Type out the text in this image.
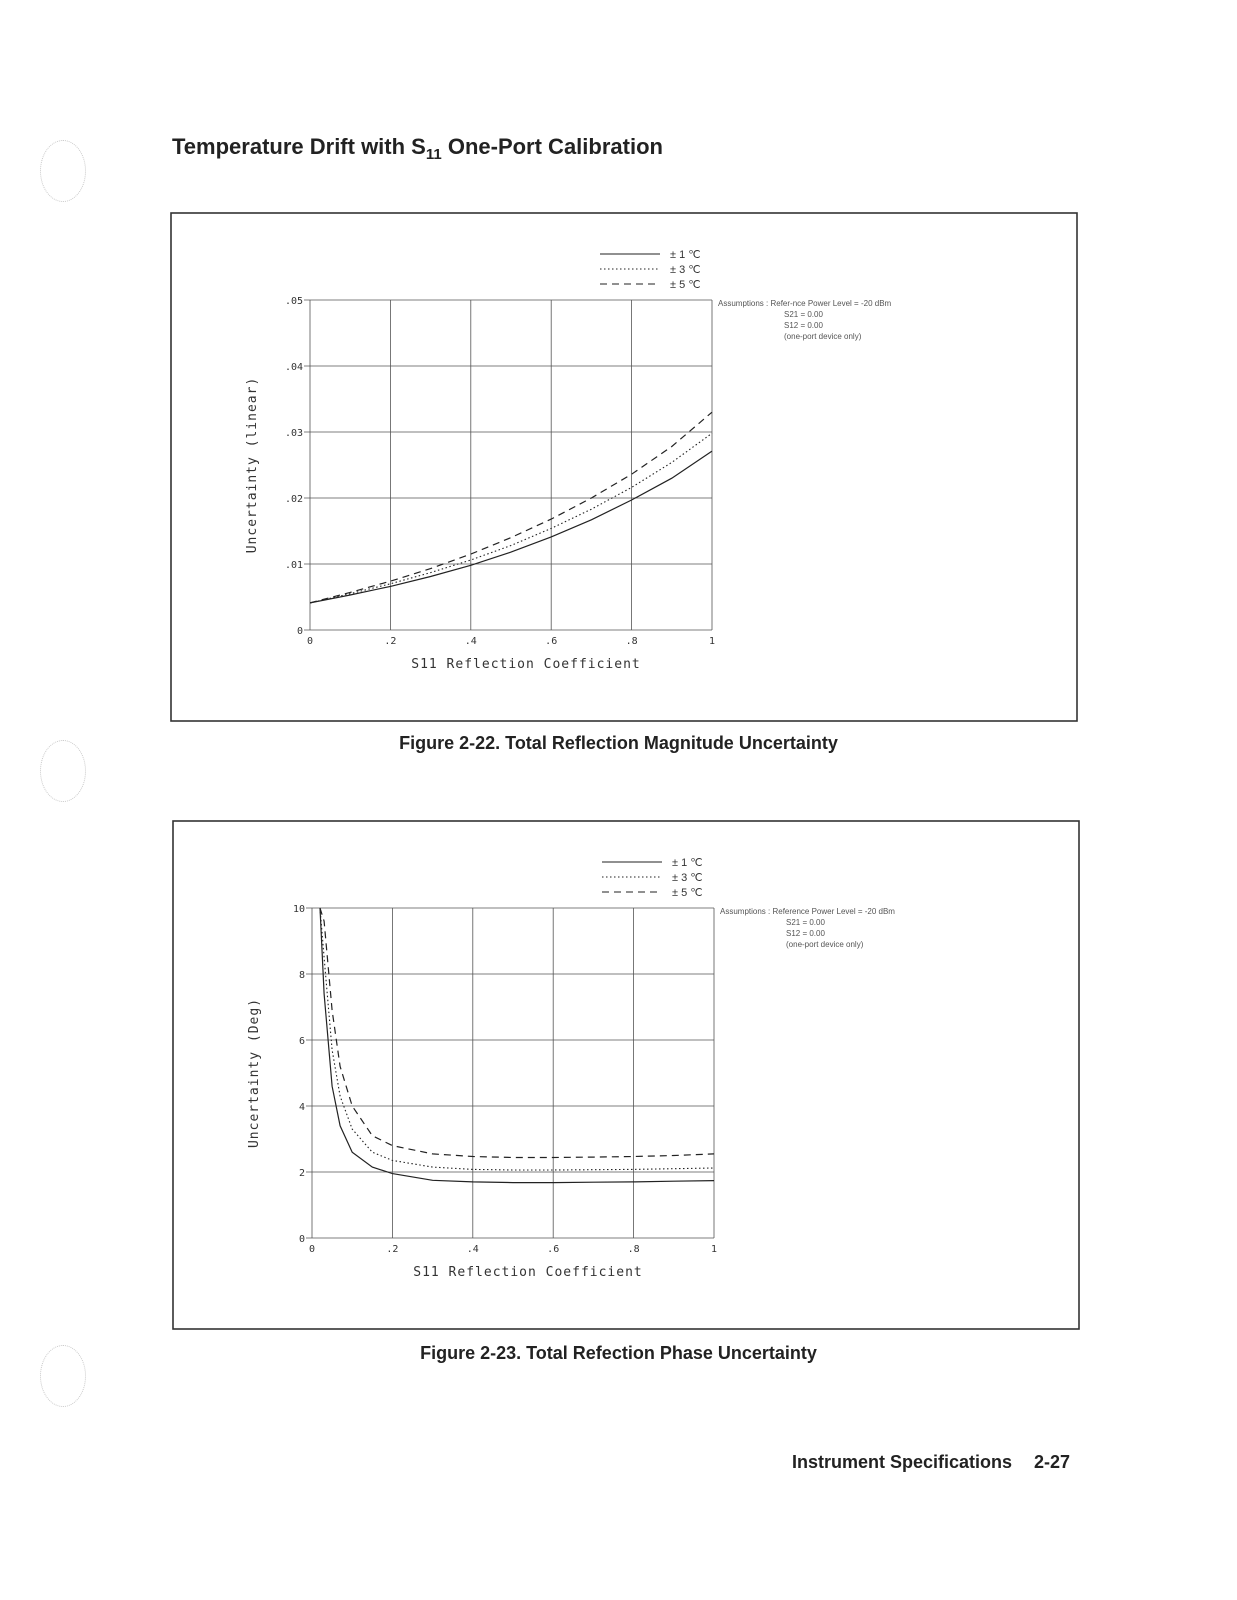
Temperature Drift with $S_{11}$ One-Port Calibration
0	.2	.4	.6	.8	1
0
.01
.02
.03
.04
.05
S11 Reflection Coefficient
Uncertainty (linear)
± 1 ℃
± 3 ℃
± 5 ℃
Assumptions : Refer-nce Power Level = -20 dBm
S21 = 0.00
S12 = 0.00
(one-port device only)
Figure 2-22. Total Reflection Magnitude Uncertainty
0	.2	.4	.6	.8	1
0
2
4
6
8
10
S11 Reflection Coefficient
Uncertainty (Deg)
± 1 ℃
± 3 ℃
± 5 ℃
Assumptions : Reference Power Level = -20 dBm
S21 = 0.00
S12 = 0.00
(one-port device only)
Figure 2-23. Total Refection Phase Uncertainty
Instrument Specifications 2-27
